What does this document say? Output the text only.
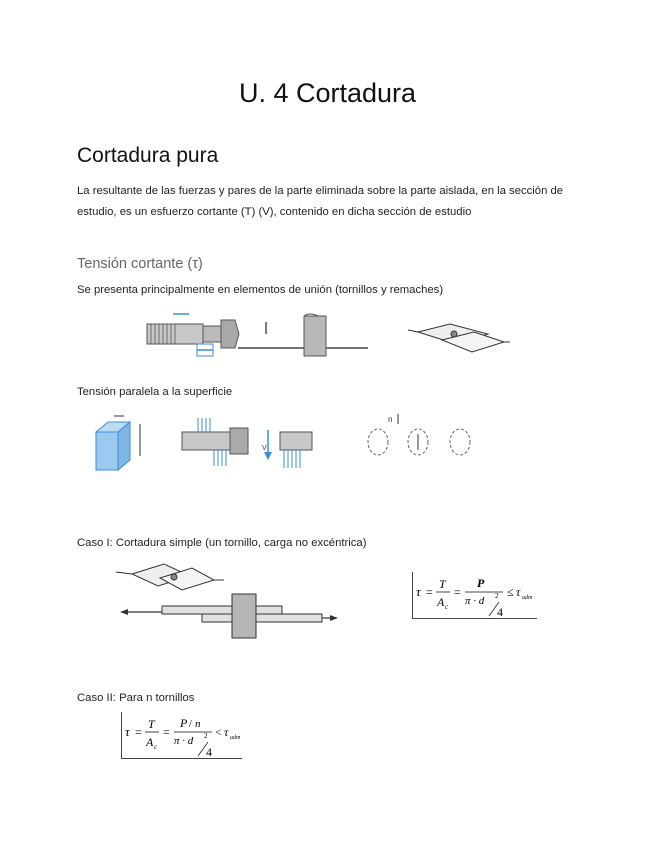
U. 4 Cortadura
Cortadura pura

La resultante de las fuerzas y pares de la parte eliminada sobre la parte aislada, en la sección de estudio, es un esfuerzo cortante (T) (V), contenido en dicha sección de estudio

Tensión cortante (τ)

Se presenta principalmente en elementos de unión (tornillos y remaches)

Tensión paralela a la superficie

V
n

Caso I: Cortadura simple (un tornillo, carga no excéntrica)

τ =
T
A c
=
P
π · d 2
4
≤ τ adm

Caso II: Para n tornillos

τ =
T
A c
=
P / n
π · d 2
4
< τ adm
